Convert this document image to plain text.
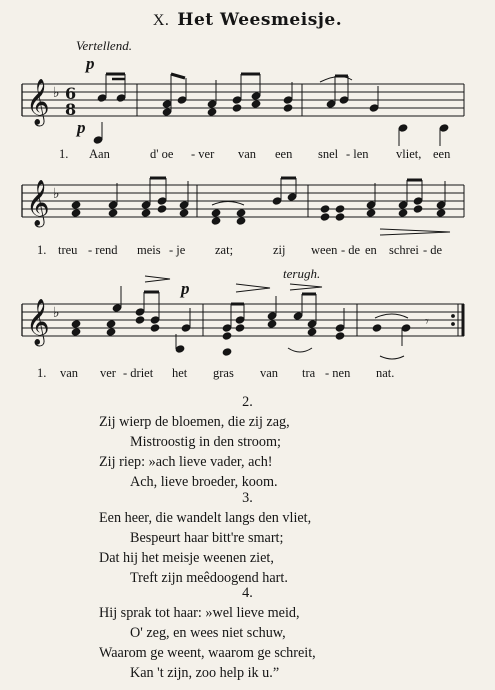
X. Het Weesmeisje.
Vertellend.
p
p
p
terugh.
𝄞 ♭ 6
8
𝄞 ♭
𝄞 ♭
𝄾
1. Aan	d' oe - ver van een snel - len vliet, een
1. treu - rend meis - je zat;	zij ween - de en schrei - de
1. van ver - driet het gras van tra - nen nat.
2.
Zij wierp de bloemen, die zij zag,
Mistroostig in den stroom;
Zij riep: »ach lieve vader, ach!
Ach, lieve broeder, koom.
3.
Een heer, die wandelt langs den vliet,
Bespeurt haar bitt're smart;
Dat hij het meisje weenen ziet,
Treft zijn meêdoogend hart.
4.
Hij sprak tot haar: »wel lieve meid,
O' zeg, en wees niet schuw,
Waarom ge weent, waarom ge schreit,
Kan 't zijn, zoo help ik u.”
